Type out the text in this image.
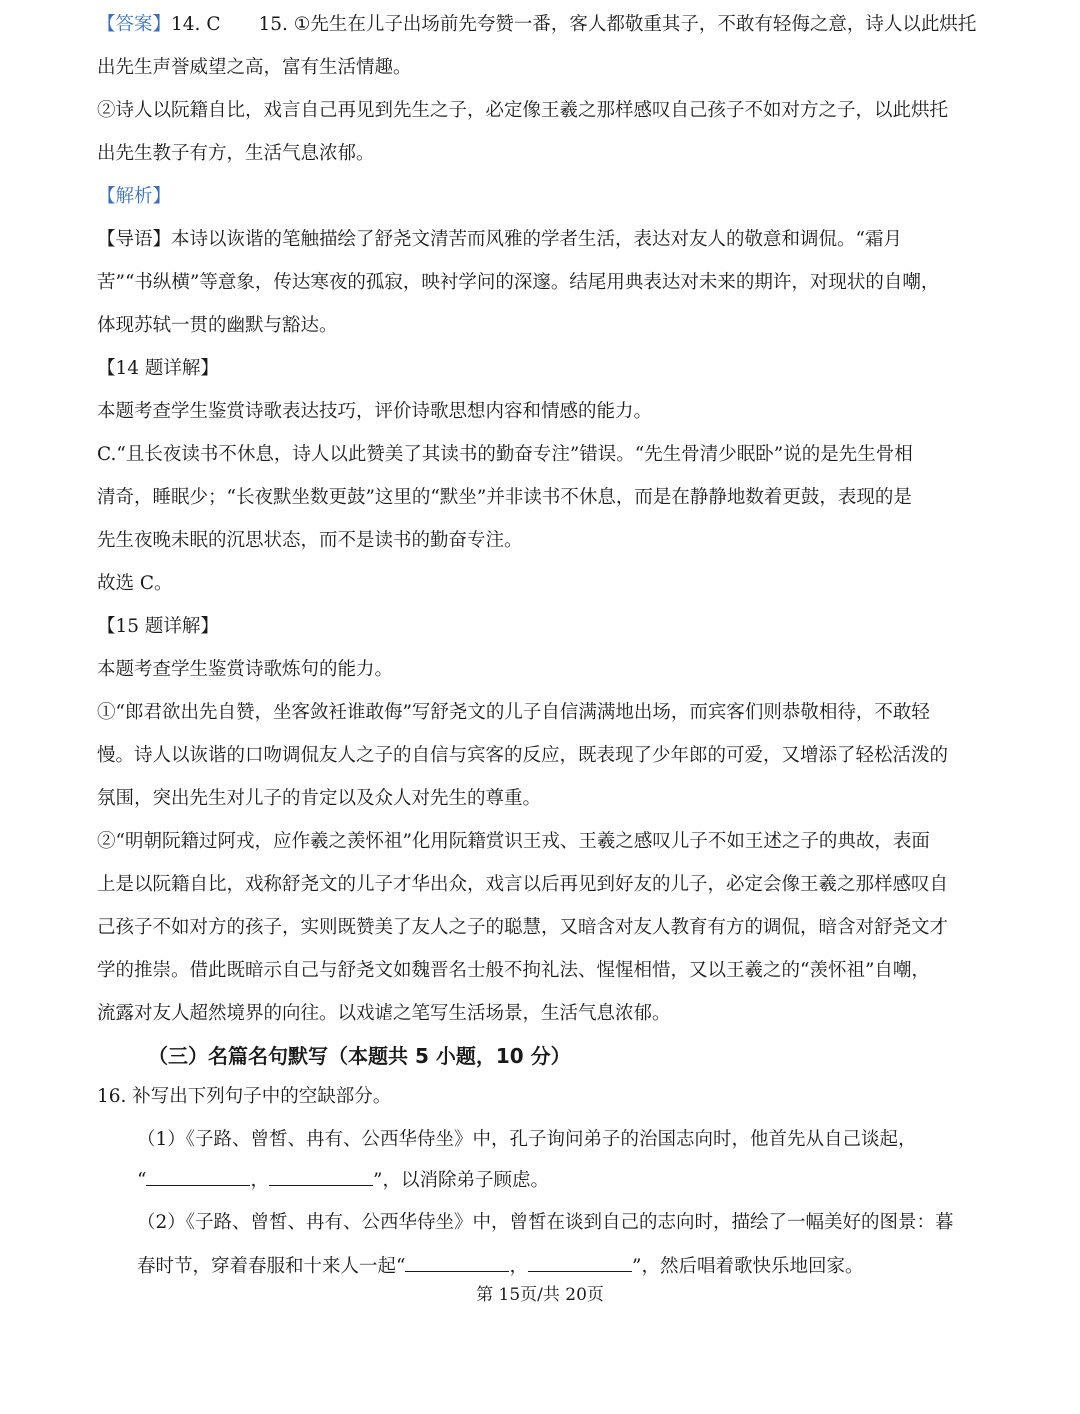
【答案】14. C 15. ①先生在儿子出场前先夸赞一番，客人都敬重其子，不敢有轻侮之意，诗人以此烘托
出先生声誉威望之高，富有生活情趣。
②诗人以阮籍自比，戏言自己再见到先生之子，必定像王羲之那样感叹自己孩子不如对方之子，以此烘托
出先生教子有方，生活气息浓郁。
【解析】
【导语】本诗以诙谐的笔触描绘了舒尧文清苦而风雅的学者生活，表达对友人的敬意和调侃。“霜月
苦”“书纵横”等意象，传达寒夜的孤寂，映衬学问的深邃。结尾用典表达对未来的期许，对现状的自嘲，
体现苏轼一贯的幽默与豁达。
【14 题详解】
本题考查学生鉴赏诗歌表达技巧，评价诗歌思想内容和情感的能力。
C.“且长夜读书不休息，诗人以此赞美了其读书的勤奋专注”错误。“先生骨清少眠卧”说的是先生骨相
清奇，睡眠少；“长夜默坐数更鼓”这里的“默坐”并非读书不休息，而是在静静地数着更鼓，表现的是
先生夜晚未眠的沉思状态，而不是读书的勤奋专注。
故选 C。
【15 题详解】
本题考查学生鉴赏诗歌炼句的能力。
①“郎君欲出先自赞，坐客敛衽谁敢侮”写舒尧文的儿子自信满满地出场，而宾客们则恭敬相待，不敢轻
慢。诗人以诙谐的口吻调侃友人之子的自信与宾客的反应，既表现了少年郎的可爱，又增添了轻松活泼的
氛围，突出先生对儿子的肯定以及众人对先生的尊重。
②“明朝阮籍过阿戎，应作羲之羡怀祖”化用阮籍赏识王戎、王羲之感叹儿子不如王述之子的典故，表面
上是以阮籍自比，戏称舒尧文的儿子才华出众，戏言以后再见到好友的儿子，必定会像王羲之那样感叹自
己孩子不如对方的孩子，实则既赞美了友人之子的聪慧，又暗含对友人教育有方的调侃，暗含对舒尧文才
学的推崇。借此既暗示自己与舒尧文如魏晋名士般不拘礼法、惺惺相惜，又以王羲之的“羡怀祖”自嘲，
流露对友人超然境界的向往。以戏谑之笔写生活场景，生活气息浓郁。
（三）名篇名句默写（本题共 5 小题，10 分）
16. 补写出下列句子中的空缺部分。
（1）《子路、曾皙、冉有、公西华侍坐》中，孔子询问弟子的治国志向时，他首先从自己谈起，
“	，	”，以消除弟子顾虑。
（2）《子路、曾皙、冉有、公西华侍坐》中，曾皙在谈到自己的志向时，描绘了一幅美好的图景：暮
春时节，穿着春服和十来人一起“	，	”，然后唱着歌快乐地回家。
第 15页/共 20页
